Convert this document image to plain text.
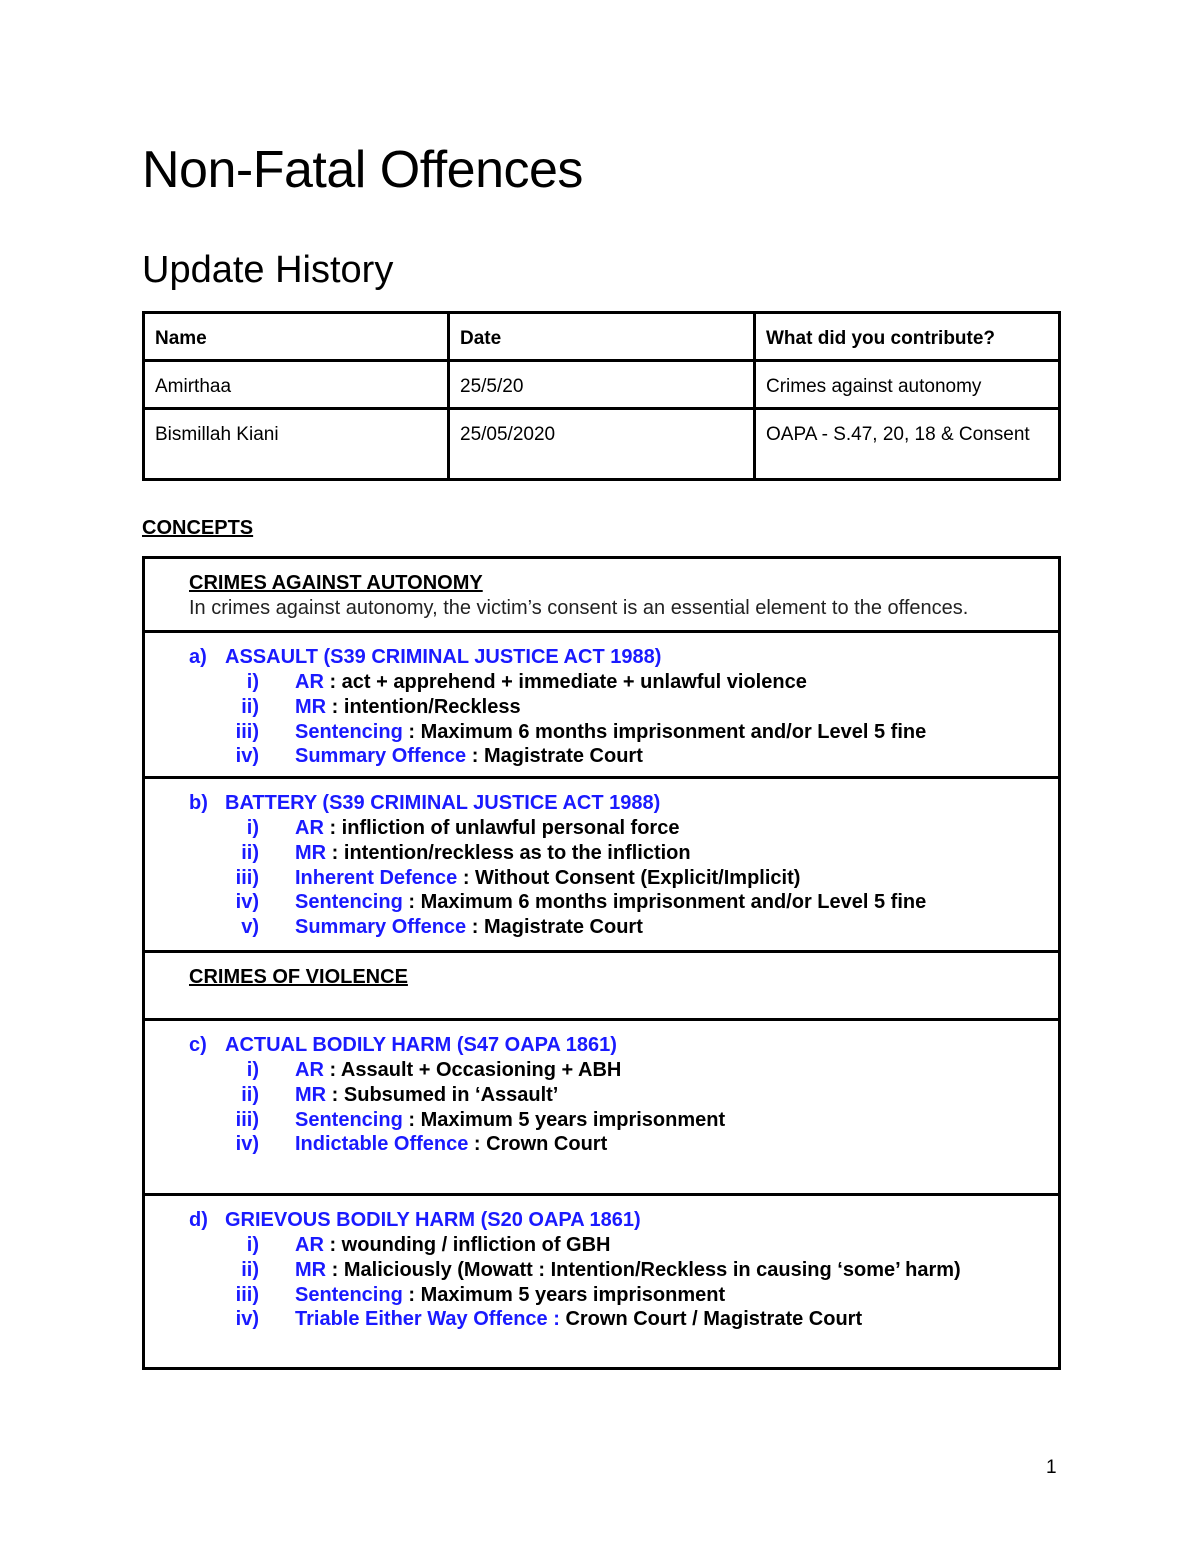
Non-Fatal Offences
Update History
Name	Date	What did you contribute?
Amirthaa	25/5/20	Crimes against autonomy
Bismillah Kiani	25/05/2020	OAPA - S.47, 20, 18 & Consent
CONCEPTS
CRIMES AGAINST AUTONOMY
In crimes against autonomy, the victim’s consent is an essential element to the offences.
a) ASSAULT (S39 CRIMINAL JUSTICE ACT 1988)
i)	AR : act + apprehend + immediate + unlawful violence
ii)	MR : intention/Reckless
iii)	Sentencing : Maximum 6 months imprisonment and/or Level 5 fine
iv)	Summary Offence : Magistrate Court
b) BATTERY (S39 CRIMINAL JUSTICE ACT 1988)
i)	AR : infliction of unlawful personal force
ii)	MR : intention/reckless as to the infliction
iii)	Inherent Defence : Without Consent (Explicit/Implicit)
iv)	Sentencing : Maximum 6 months imprisonment and/or Level 5 fine
v)	Summary Offence : Magistrate Court
CRIMES OF VIOLENCE
c) ACTUAL BODILY HARM (S47 OAPA 1861)
i)	AR : Assault + Occasioning + ABH
ii)	MR : Subsumed in ‘Assault’
iii)	Sentencing : Maximum 5 years imprisonment
iv)	Indictable Offence : Crown Court
d) GRIEVOUS BODILY HARM (S20 OAPA 1861)
i)	AR : wounding / infliction of GBH
ii)	MR : Maliciously (Mowatt : Intention/Reckless in causing ‘some’ harm)
iii)	Sentencing : Maximum 5 years imprisonment
iv)	Triable Either Way Offence : Crown Court / Magistrate Court
1
